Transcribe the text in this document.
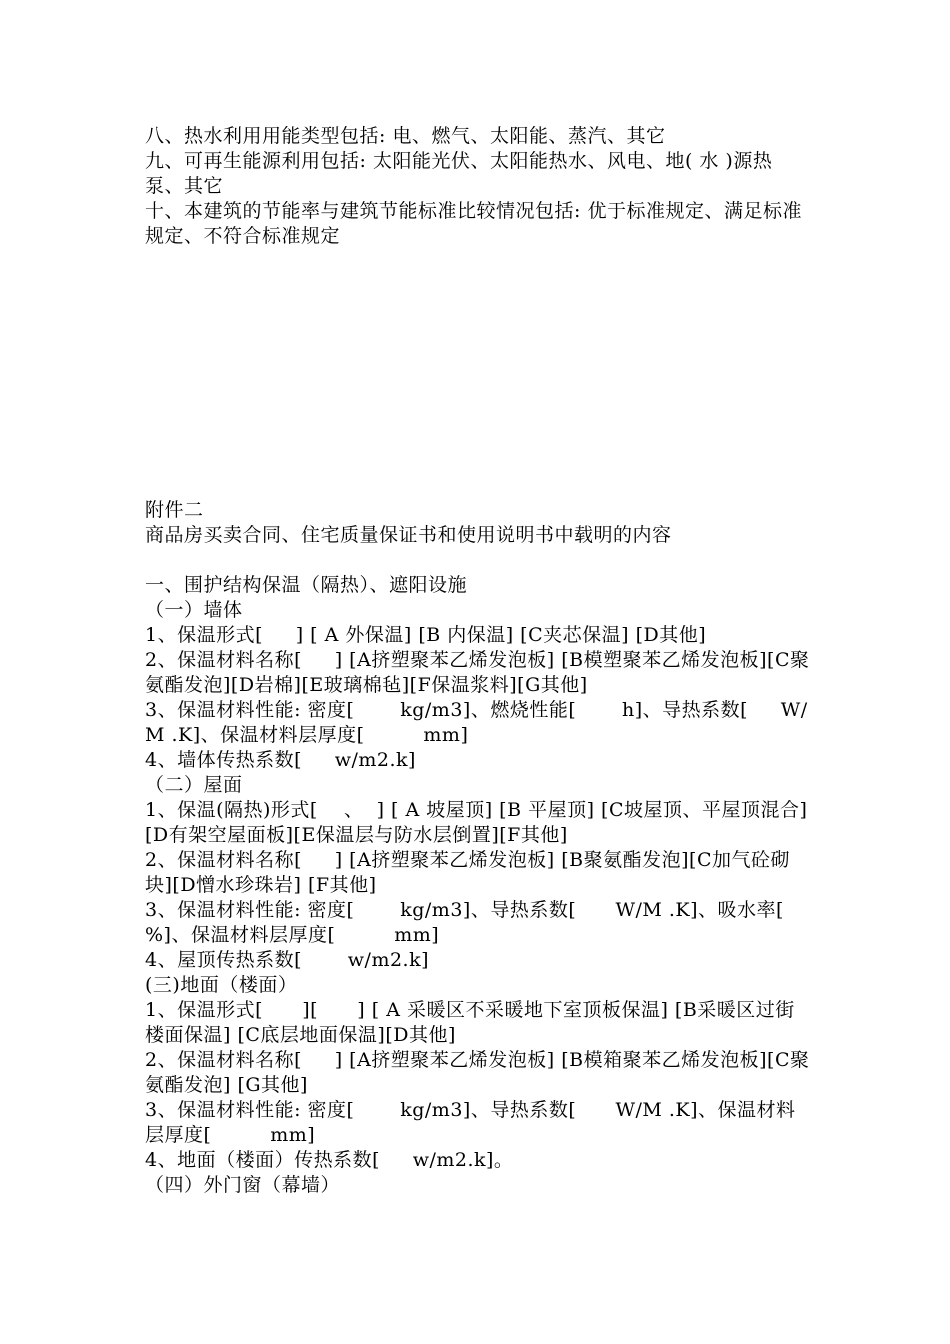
八、热水利用用能类型包括: 电、燃气、太阳能、蒸汽、其它

九、可再生能源利用包括: 太阳能光伏、太阳能热水、风电、地( 水 )源热泵、其它

十、本建筑的节能率与建筑节能标准比较情况包括: 优于标准规定、满足标准规定、不符合标准规定

附件二

商品房买卖合同、住宅质量保证书和使用说明书中载明的内容

一、围护结构保温（隔热）、遮阳设施

（一）墙体

1、保温形式[     ] [ A 外保温] [B 内保温] [C夹芯保温] [D其他]

2、保温材料名称[     ] [A挤塑聚苯乙烯发泡板] [B模塑聚苯乙烯发泡板][C聚氨酯发泡][D岩棉][E玻璃棉毡][F保温浆料][G其他]

3、保温材料性能: 密度[       kg/m3]、燃烧性能[       h]、导热系数[     W/M .K]、保温材料层厚度[         mm]

4、墙体传热系数[     w/m2.k]

（二）屋面

1、保温(隔热)形式[    、  ] [ A 坡屋顶] [B 平屋顶] [C坡屋顶、平屋顶混合][D有架空屋面板][E保温层与防水层倒置][F其他]

2、保温材料名称[     ] [A挤塑聚苯乙烯发泡板] [B聚氨酯发泡][C加气砼砌块][D憎水珍珠岩] [F其他]

3、保温材料性能: 密度[       kg/m3]、导热系数[      W/M .K]、吸水率[     %]、保温材料层厚度[         mm]

4、屋顶传热系数[       w/m2.k]

(三)地面（楼面）

1、保温形式[      ][      ] [ A 采暖区不采暖地下室顶板保温] [B采暖区过街楼面保温] [C底层地面保温][D其他]

2、保温材料名称[     ] [A挤塑聚苯乙烯发泡板] [B模箱聚苯乙烯发泡板][C聚氨酯发泡] [G其他]

3、保温材料性能: 密度[       kg/m3]、导热系数[      W/M .K]、保温材料层厚度[         mm]

4、地面（楼面）传热系数[     w/m2.k]。

（四）外门窗（幕墙）
